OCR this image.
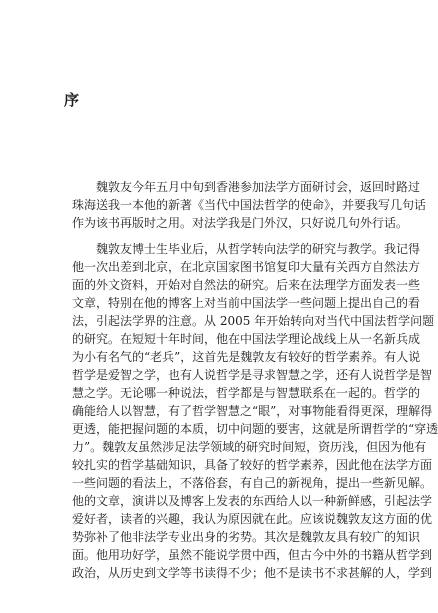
序
魏敦友今年五月中旬到香港参加法学方面研讨会，返回时路过
珠海送我一本他的新著《当代中国法哲学的使命》，并要我写几句话
作为该书再版时之用。对法学我是门外汉，只好说几句外行话。
魏敦友博士生毕业后，从哲学转向法学的研究与教学。我记得
他一次出差到北京，在北京国家图书馆复印大量有关西方自然法方
面的外文资料，开始对自然法的研究。后来在法理学方面发表一些
文章，特别在他的博客上对当前中国法学一些问题上提出自己的看
法，引起法学界的注意。从 2005 年开始转向对当代中国法哲学问题
的研究。在短短十年时间，他在中国法学理论战线上从一名新兵成
为小有名气的“老兵”，这首先是魏敦友有较好的哲学素养。有人说
哲学是爱智之学，也有人说哲学是寻求智慧之学，还有人说哲学是智
慧之学。无论哪一种说法，哲学都是与智慧联系在一起的。哲学的
确能给人以智慧，有了哲学智慧之“眼”，对事物能看得更深，理解得
更透，能把握问题的本质，切中问题的要害，这就是所谓哲学的“穿透
力”。魏敦友虽然涉足法学领域的研究时间短，资历浅，但因为他有
较扎实的哲学基础知识，具备了较好的哲学素养，因此他在法学方面
一些问题的看法上，不落俗套，有自己的新视角，提出一些新见解。
他的文章，演讲以及博客上发表的东西给人以一种新鲜感，引起法学
爱好者，读者的兴趣，我认为原因就在此。应该说魏敦友这方面的优
势弥补了他非法学专业出身的劣势。其次是魏敦友具有较广的知识
面。他用功好学，虽然不能说学贯中西，但古今中外的书籍从哲学到
政治，从历史到文学等书读得不少；他不是读书不求甚解的人，学到
